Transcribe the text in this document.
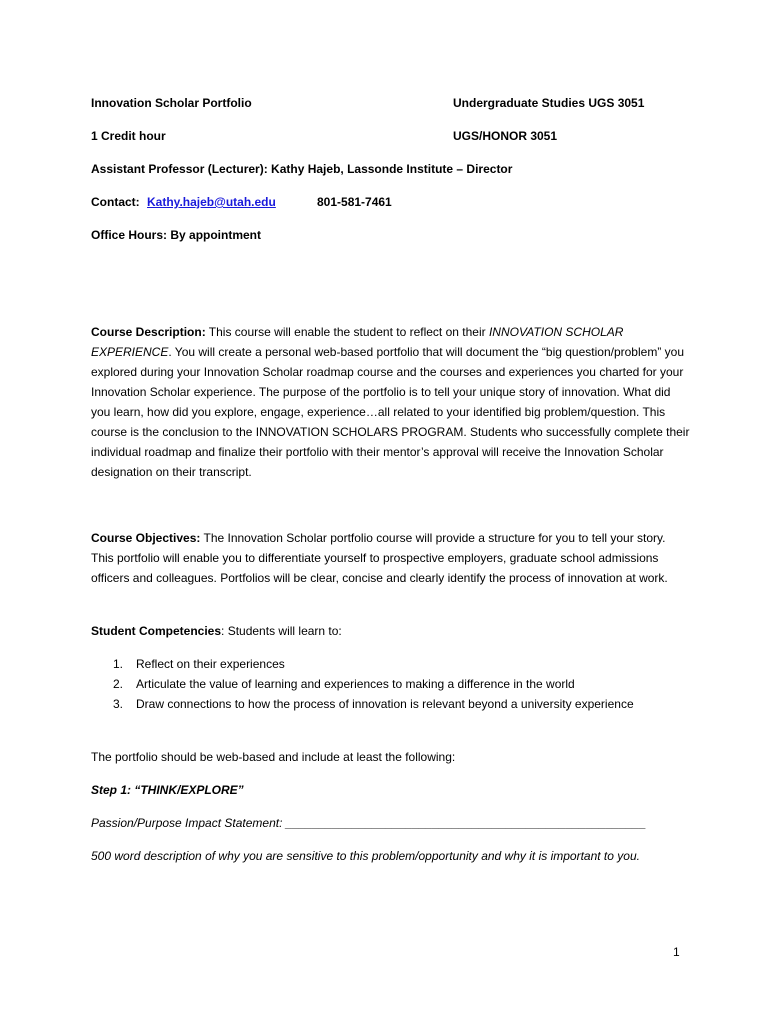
Innovation Scholar Portfolio	Undergraduate Studies UGS 3051
1 Credit hour	UGS/HONOR 3051
Assistant Professor (Lecturer): Kathy Hajeb, Lassonde Institute – Director
Contact: Kathy.hajeb@utah.edu	801-581-7461
Office Hours: By appointment
Course Description: This course will enable the student to reflect on their INNOVATION SCHOLAR EXPERIENCE. You will create a personal web-based portfolio that will document the “big question/problem” you explored during your Innovation Scholar roadmap course and the courses and experiences you charted for your Innovation Scholar experience. The purpose of the portfolio is to tell your unique story of innovation. What did you learn, how did you explore, engage, experience…all related to your identified big problem/question. This course is the conclusion to the INNOVATION SCHOLARS PROGRAM. Students who successfully complete their individual roadmap and finalize their portfolio with their mentor’s approval will receive the Innovation Scholar designation on their transcript.
Course Objectives: The Innovation Scholar portfolio course will provide a structure for you to tell your story. This portfolio will enable you to differentiate yourself to prospective employers, graduate school admissions officers and colleagues. Portfolios will be clear, concise and clearly identify the process of innovation at work.
Student Competencies: Students will learn to:
1. Reflect on their experiences
2. Articulate the value of learning and experiences to making a difference in the world
3. Draw connections to how the process of innovation is relevant beyond a university experience
The portfolio should be web-based and include at least the following:
Step 1: “THINK/EXPLORE”
Passion/Purpose Impact Statement: ______________________________________________________
500 word description of why you are sensitive to this problem/opportunity and why it is important to you.
1
